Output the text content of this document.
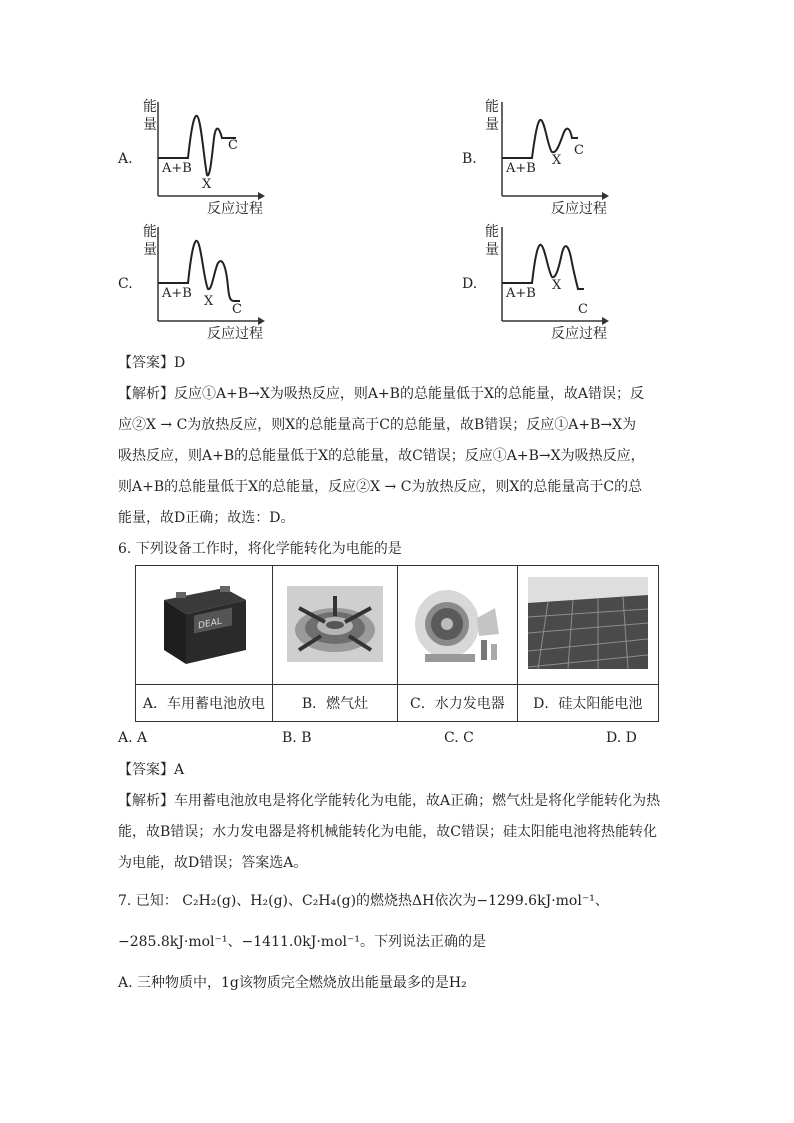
A.
能
量
A+B
X
C
反应过程
B.
能
量
A+B
X
C
反应过程
C.
能
量
A+B
X
C
反应过程
D.
能
量
A+B
X
C
反应过程
【答案】D
【解析】反应①A+B→X为吸热反应，则A+B的总能量低于X的总能量，故A错误；反
应②X → C为放热反应，则X的总能量高于C的总能量，故B错误；反应①A+B→X为
吸热反应，则A+B的总能量低于X的总能量，故C错误；反应①A+B→X为吸热反应，
则A+B的总能量低于X的总能量，反应②X → C为放热反应，则X的总能量高于C的总
能量，故D正确；故选：D。
6. 下列设备工作时，将化学能转化为电能的是
DEAL

A．车用蓄电池放电	B．燃气灶	C．水力发电器	D．硅太阳能电池
A. A	B. B	C. C	D. D
【答案】A
【解析】车用蓄电池放电是将化学能转化为电能，故A正确；燃气灶是将化学能转化为热
能，故B错误；水力发电器是将机械能转化为电能，故C错误；硅太阳能电池将热能转化
为电能，故D错误；答案选A。
7. 已知： C₂H₂(g)、H₂(g)、C₂H₄(g)的燃烧热ΔH依次为−1299.6kJ·mol⁻¹、
−285.8kJ·mol⁻¹、−1411.0kJ·mol⁻¹。下列说法正确的是
A. 三种物质中，1g该物质完全燃烧放出能量最多的是H₂
